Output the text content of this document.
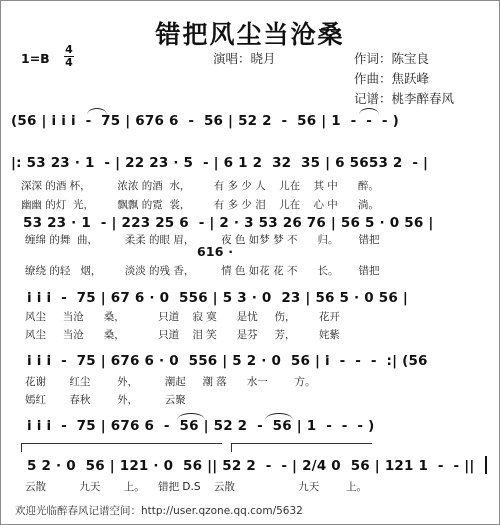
错把风尘当沧桑
1=B
4
4	演唱：晓月	作词：陈宝良
作曲：焦跃峰
记谱：桃李醉春风
(56 | i i i  -  75 | 676 6  -  56 | 52 2  -  56 | 1  -  -  - )
|: 53 23 · 1  - | 22 23 · 5  - | 6 1 2  32  35 | 6 5653 2  - |
深深 的酒 杯，        浓浓 的酒  水，       有 多 少 人    儿在    其 中      醉。
幽幽 的灯  光，       飘飘 的霓  裳，       有 多 少 泪    儿在    心 中      淌。
53 23 · 1  - | 223 25 6  - | 2 · 3 53 26 76 | 56 5 · 0 56 |
缠绵 的舞  曲，        柔柔 的眼 眉，        夜 色 如梦 梦 不      归。      错把
616 ·
缭绕 的轻   烟，       淡淡 的残 香，        情 色 如花 花 不      长。      错把
i i i  -  75 | 67 6 · 0  556 | 5 3 · 0  23 | 56 5 · 0 56 |
风尘     当沧      桑，          只道    寂 寞      是忧     伤，       花开
风尘     当沧      桑，          只道    泪 笑      是芬     芳，       姹紫
i i i  -  75 | 676 6 · 0  556 | 5 2 · 0  56 | i  -  -  -  :| (56
花谢       红尘        外，        潮起     潮 落      水一        方。
嫣红       春秋        外，        云聚
i i i  -  75 | 676 6  -  56 | 52 2  -  56 | 1  -  -  - )
5 2 · 0  56 | 121 · 0  56 || 52 2  -  - | 2/4 0  56 | 121 1  -  - ||
云散          九天       上。    错把 D.S    云散                   九天        上。
欢迎光临醉春风记谱空间：http://user.qzone.qq.com/5632
